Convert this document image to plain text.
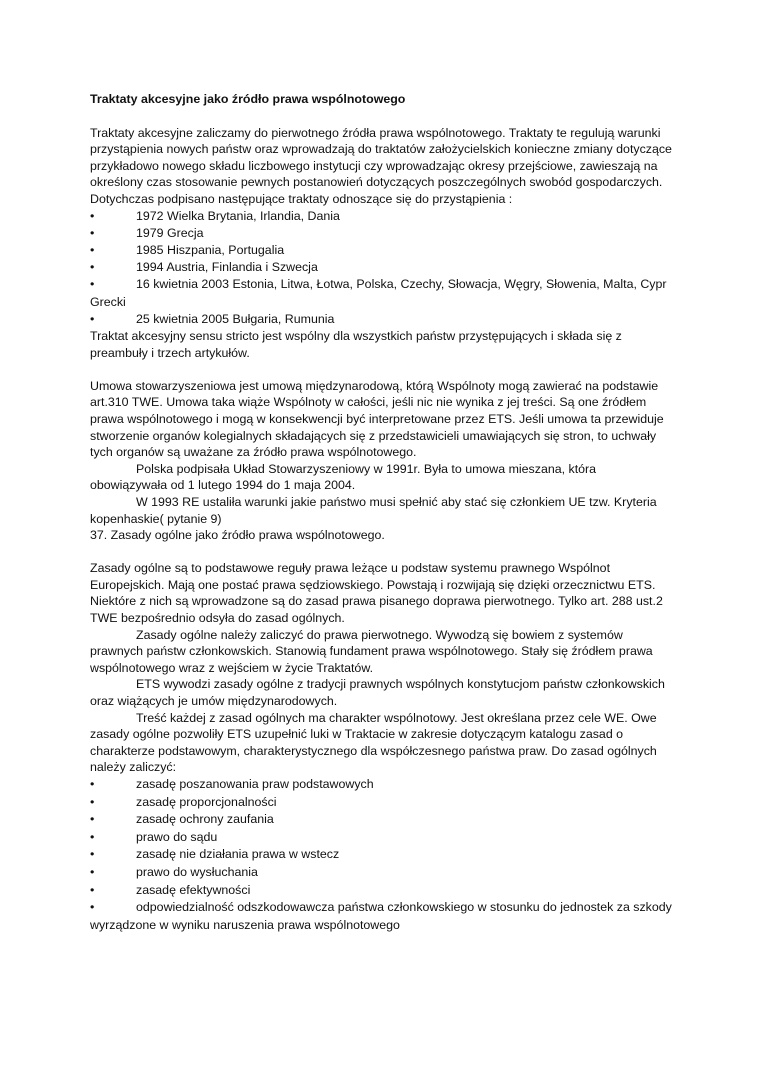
Traktaty akcesyjne jako źródło prawa wspólnotowego

Traktaty akcesyjne zaliczamy do pierwotnego źródła prawa wspólnotowego. Traktaty te regulują warunki przystąpienia nowych państw oraz wprowadzają do traktatów założycielskich konieczne zmiany dotyczące przykładowo nowego składu liczbowego instytucji czy wprowadzając okresy przejściowe, zawieszają na określony czas stosowanie pewnych postanowień dotyczących poszczególnych swobód gospodarczych. Dotychczas podpisano następujące traktaty odnoszące się do przystąpienia :

•	1972 Wielka Brytania, Irlandia, Dania
•	1979 Grecja
•	1985 Hiszpania, Portugalia
•	1994 Austria, Finlandia i Szwecja
•	16 kwietnia 2003 Estonia, Litwa, Łotwa, Polska, Czechy, Słowacja, Węgry, Słowenia, Malta, Cypr Grecki
•	25 kwietnia 2005 Bułgaria, Rumunia

Traktat akcesyjny sensu stricto jest wspólny dla wszystkich państw przystępujących i składa się z preambuły i trzech artykułów.

Umowa stowarzyszeniowa jest umową międzynarodową, którą Wspólnoty mogą zawierać na podstawie art.310 TWE. Umowa taka wiąże Wspólnoty w całości, jeśli nic nie wynika z jej treści. Są one źródłem prawa wspólnotowego i mogą w konsekwencji być interpretowane przez ETS. Jeśli umowa ta przewiduje stworzenie organów kolegialnych składających się z przedstawicieli umawiających się stron, to uchwały tych organów są uważane za źródło prawa wspólnotowego.

Polska podpisała Układ Stowarzyszeniowy w 1991r. Była to umowa mieszana, która obowiązywała od 1 lutego 1994 do 1 maja 2004.

W 1993 RE ustaliła warunki jakie państwo musi spełnić aby stać się członkiem UE tzw. Kryteria kopenhaskie( pytanie 9)

37. Zasady ogólne jako źródło prawa wspólnotowego.

Zasady ogólne są to podstawowe reguły prawa leżące u podstaw systemu prawnego Wspólnot Europejskich. Mają one postać prawa sędziowskiego. Powstają i rozwijają się dzięki orzecznictwu ETS. Niektóre z nich są wprowadzone są do zasad prawa pisanego doprawa pierwotnego. Tylko art. 288 ust.2 TWE bezpośrednio odsyła do zasad ogólnych.

Zasady ogólne należy zaliczyć do prawa pierwotnego. Wywodzą się bowiem z systemów prawnych państw członkowskich. Stanowią fundament prawa wspólnotowego. Stały się źródłem prawa wspólnotowego wraz z wejściem w życie Traktatów.

ETS wywodzi zasady ogólne z tradycji prawnych wspólnych konstytucjom państw członkowskich oraz wiążących je umów międzynarodowych.

Treść każdej z zasad ogólnych ma charakter wspólnotowy. Jest określana przez cele WE. Owe zasady ogólne pozwoliły ETS uzupełnić luki w Traktacie w zakresie dotyczącym katalogu zasad o charakterze podstawowym, charakterystycznego dla współczesnego państwa praw. Do zasad ogólnych należy zaliczyć:

•	zasadę poszanowania praw podstawowych
•	zasadę proporcjonalności
•	zasadę ochrony zaufania
•	prawo do sądu
•	zasadę nie działania prawa w wstecz
•	prawo do wysłuchania
•	zasadę efektywności
•	odpowiedzialność odszkodowawcza państwa członkowskiego w stosunku do jednostek za szkody wyrządzone w wyniku naruszenia prawa wspólnotowego
